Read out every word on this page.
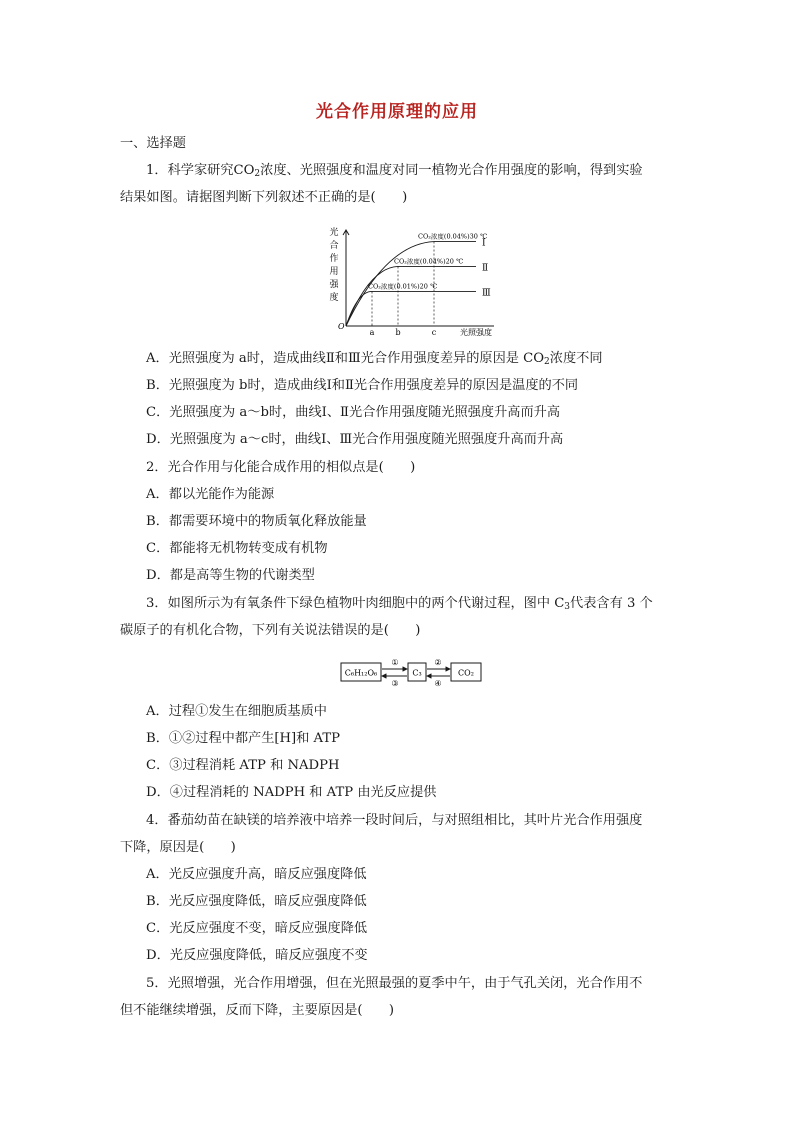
光合作用原理的应用
一、选择题
1．科学家研究$CO_2$浓度、光照强度和温度对同一植物光合作用强度的影响，得到实验
结果如图。请据图判断下列叙述不正确的是(　　)
光
合
作
用
强
度
O
a	b	c	光照强度
CO₂浓度(0.04%)30 ℃
Ⅰ
CO₂浓度(0.04%)20 ℃
Ⅱ
CO₂浓度(0.01%)20 ℃
Ⅲ
A．光照强度为 a时，造成曲线Ⅱ和Ⅲ光合作用强度差异的原因是 $CO_2$浓度不同
B．光照强度为 b时，造成曲线Ⅰ和Ⅱ光合作用强度差异的原因是温度的不同
C．光照强度为 a～b时，曲线Ⅰ、Ⅱ光合作用强度随光照强度升高而升高
D．光照强度为 a～c时，曲线Ⅰ、Ⅲ光合作用强度随光照强度升高而升高
2．光合作用与化能合成作用的相似点是(　　)
A．都以光能作为能源
B．都需要环境中的物质氧化释放能量
C．都能将无机物转变成有机物
D．都是高等生物的代谢类型
3．如图所示为有氧条件下绿色植物叶肉细胞中的两个代谢过程，图中 $C_3$代表含有 3 个
碳原子的有机化合物，下列有关说法错误的是(　　)
C₆H₁₂O₆	C₃	CO₂
①
③
②
④
A．过程①发生在细胞质基质中
B．①②过程中都产生[H]和 ATP
C．③过程消耗 ATP 和 NADPH
D．④过程消耗的 NADPH 和 ATP 由光反应提供
4．番茄幼苗在缺镁的培养液中培养一段时间后，与对照组相比，其叶片光合作用强度
下降，原因是(　　)
A．光反应强度升高，暗反应强度降低
B．光反应强度降低，暗反应强度降低
C．光反应强度不变，暗反应强度降低
D．光反应强度降低，暗反应强度不变
5．光照增强，光合作用增强，但在光照最强的夏季中午，由于气孔关闭，光合作用不
但不能继续增强，反而下降，主要原因是(　　)
